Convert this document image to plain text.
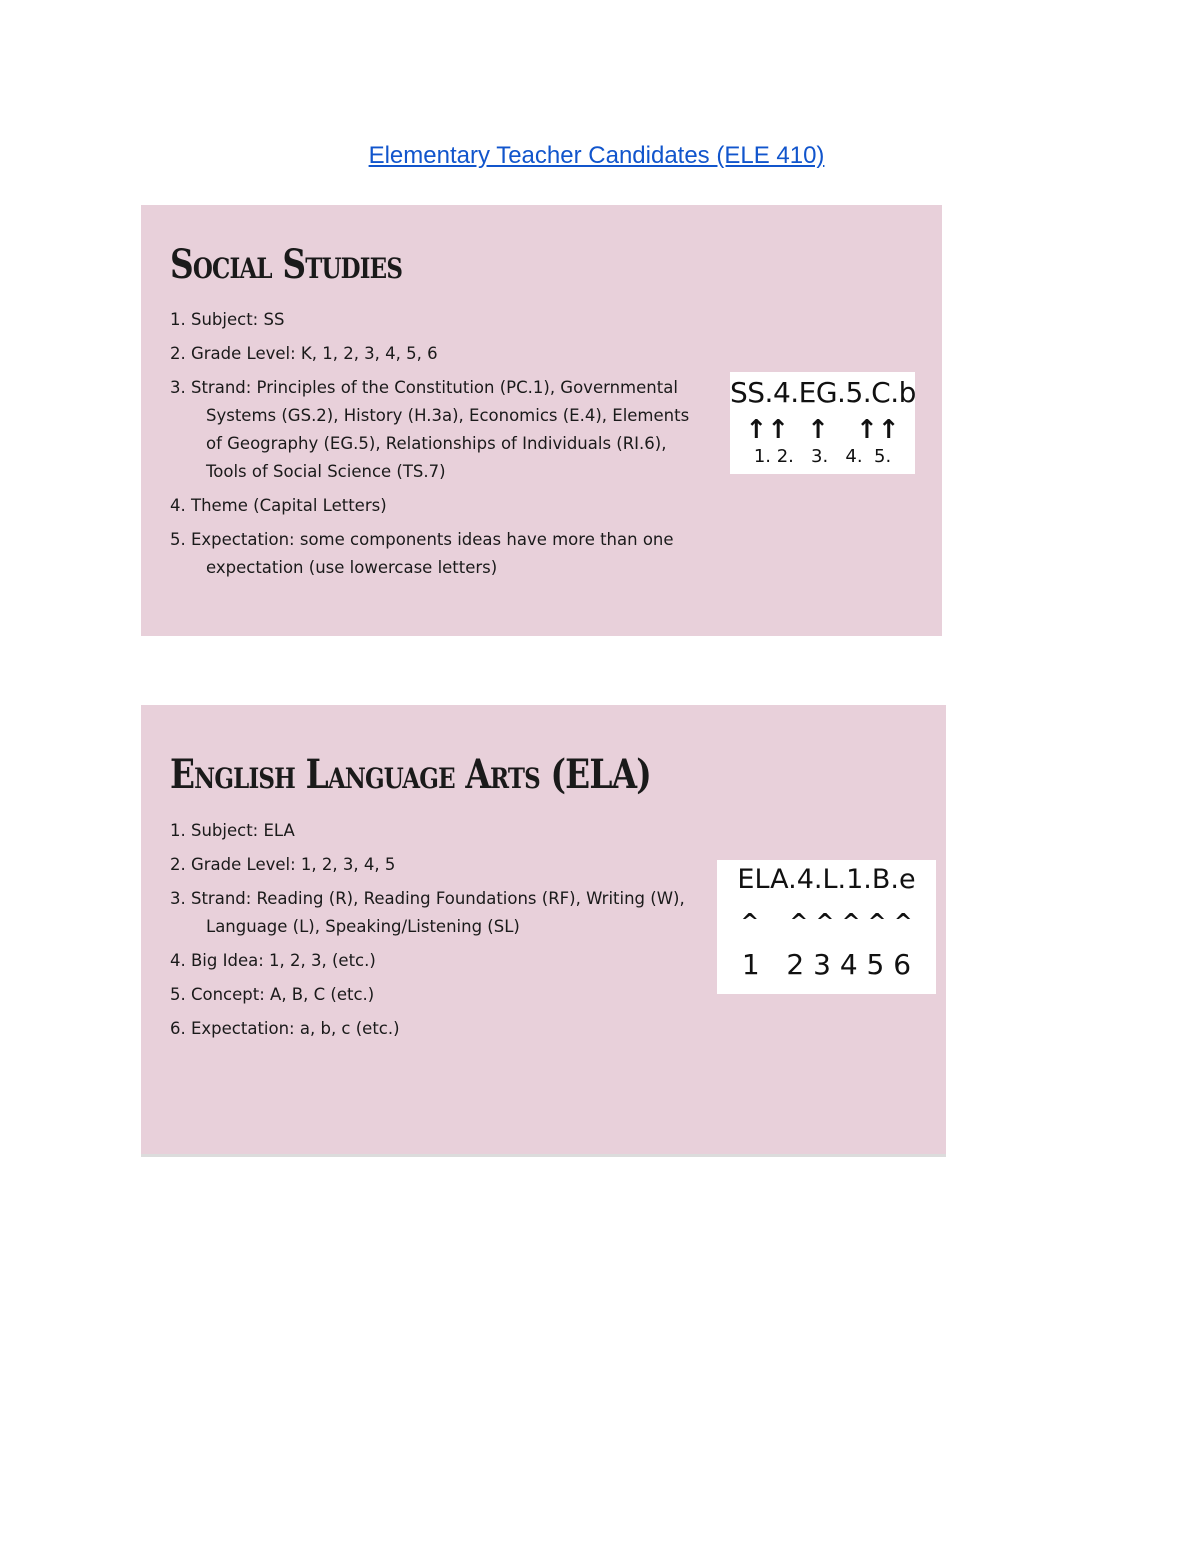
Elementary Teacher Candidates (ELE 410)
Social Studies
1. Subject: SS
2. Grade Level: K, 1, 2, 3, 4, 5, 6
3. Strand: Principles of the Constitution (PC.1), Governmental Systems (GS.2), History (H.3a), Economics (E.4), Elements of Geography (EG.5), Relationships of Individuals (RI.6), Tools of Social Science (TS.7)
4. Theme (Capital Letters)
5. Expectation: some components ideas have more than one expectation (use lowercase letters)
SS.4.EG.5.C.b
↑↑  ↑   ↑↑
1. 2.   3.   4.  5.
English Language Arts (ELA)
1. Subject: ELA
2. Grade Level: 1, 2, 3, 4, 5
3. Strand: Reading (R), Reading Foundations (RF), Writing (W), Language (L), Speaking/Listening (SL)
4. Big Idea: 1, 2, 3, (etc.)
5. Concept: A, B, C (etc.)
6. Expectation: a, b, c (etc.)
ELA.4.L.1.B.e
^    ^ ^ ^ ^ ^
1   2 3 4 5 6
